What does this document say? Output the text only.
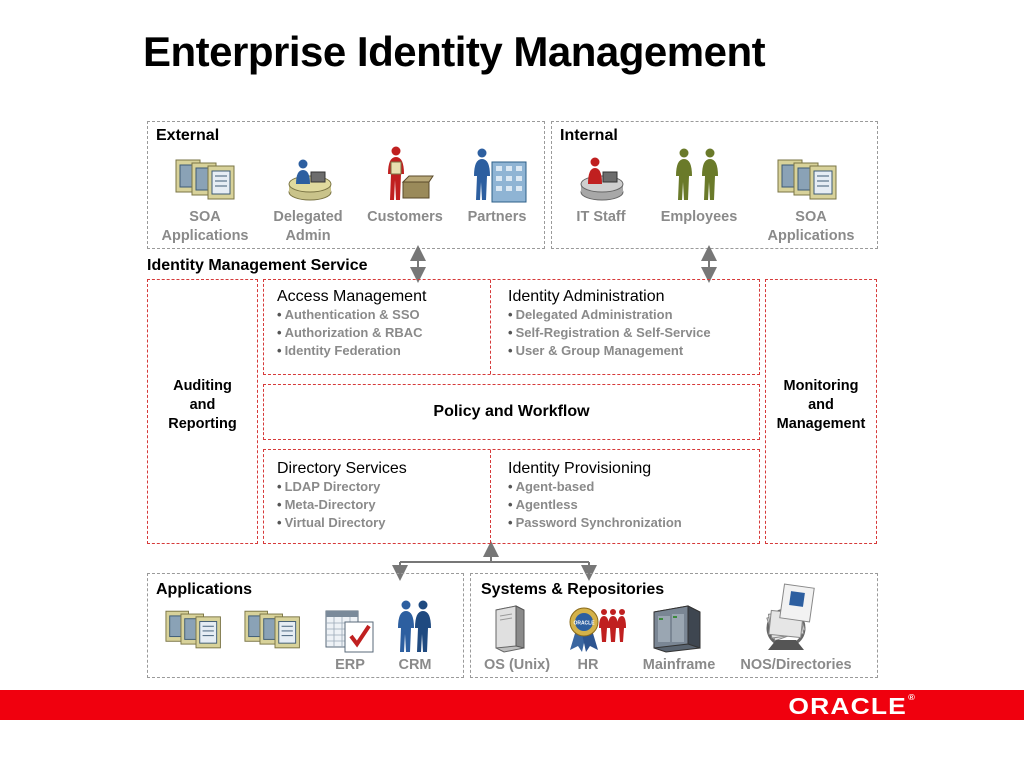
Enterprise Identity Management
External
SOA
Applications
Delegated
Admin
Customers	Partners
Internal
IT Staff	Employees	SOA
Applications
Identity Management Service
Auditing
and
Reporting
Monitoring
and
Management
Access Management
• Authentication & SSO
• Authorization & RBAC
• Identity Federation
Identity Administration
• Delegated Administration
• Self-Registration & Self-Service
• User & Group Management
Policy and Workflow
Directory Services
• LDAP Directory
• Meta-Directory
• Virtual Directory
Identity Provisioning
• Agent-based
• Agentless
• Password Synchronization
Applications
ERP	CRM
Systems & Repositories
OS (Unix)
ORACLE
HR	Mainframe	NOS/Directories
ORACLE®
